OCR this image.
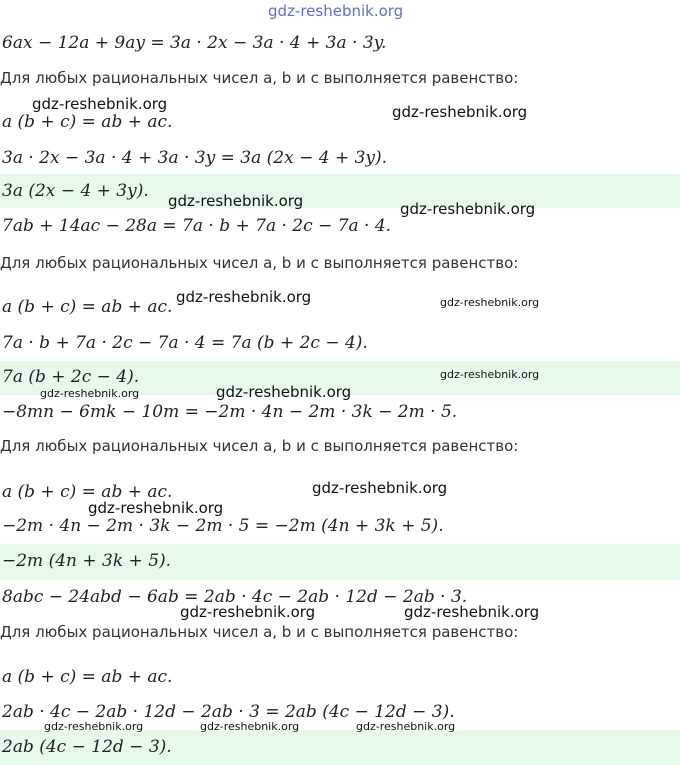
6ax − 12a + 9ay = 3a · 2x − 3a · 4 + 3a · 3y.
Для любых рациональных чисел a, b и c выполняется равенство:
a (b + c) = ab + ac.
3a · 2x − 3a · 4 + 3a · 3y = 3a (2x − 4 + 3y).
3a (2x − 4 + 3y).
7ab + 14ac − 28a = 7a · b + 7a · 2c − 7a · 4.
Для любых рациональных чисел a, b и c выполняется равенство:
a (b + c) = ab + ac.
7a · b + 7a · 2c − 7a · 4 = 7a (b + 2c − 4).
7a (b + 2c − 4).
−8mn − 6mk − 10m = −2m · 4n − 2m · 3k − 2m · 5.
Для любых рациональных чисел a, b и c выполняется равенство:
a (b + c) = ab + ac.
−2m · 4n − 2m · 3k − 2m · 5 = −2m (4n + 3k + 5).
−2m (4n + 3k + 5).
8abc − 24abd − 6ab = 2ab · 4c − 2ab · 12d − 2ab · 3.
Для любых рациональных чисел a, b и c выполняется равенство:
a (b + c) = ab + ac.
2ab · 4c − 2ab · 12d − 2ab · 3 = 2ab (4c − 12d − 3).
2ab (4c − 12d − 3).
gdz-reshebnik.org
gdz-reshebnik.org	gdz-reshebnik.org
gdz-reshebnik.org	gdz-reshebnik.org
gdz-reshebnik.org	gdz-reshebnik.org
gdz-reshebnik.org
gdz-reshebnik.org
gdz-reshebnik.org
gdz-reshebnik.org
gdz-reshebnik.org
gdz-reshebnik.org	gdz-reshebnik.org
gdz-reshebnik.org	gdz-reshebnik.org	gdz-reshebnik.org
